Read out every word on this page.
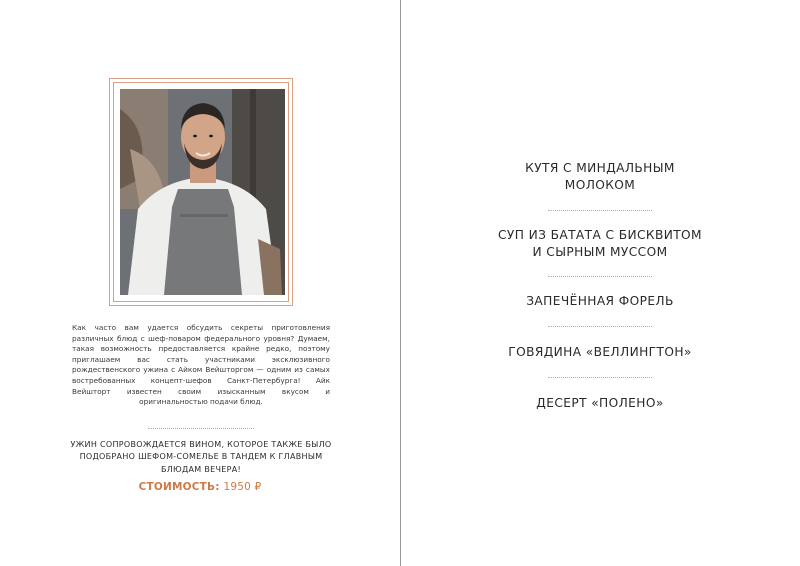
Как часто вам удается обсудить секреты приготовления различных блюд с шеф-поваром федерального уровня? Думаем, такая возможность предоставляется крайне редко, поэтому приглашаем вас стать участниками эксклюзивного рождественского ужина с Айком Вейшторгом — одним из самых востребованных концепт-шефов Санкт-Петербурга! Айк Вейшторт известен своим изысканным вкусом и оригинальностью подачи блюд.
УЖИН СОПРОВОЖДАЕТСЯ ВИНОМ, КОТОРОЕ ТАКЖЕ БЫЛО ПОДОБРАНО ШЕФОМ-СОМЕЛЬЕ В ТАНДЕМ К ГЛАВНЫМ БЛЮДАМ ВЕЧЕРА!
СТОИМОСТЬ: 1950 ₽
КУТЯ С МИНДАЛЬНЫМ
МОЛОКОМ
СУП ИЗ БАТАТА С БИСКВИТОМ
И СЫРНЫМ МУССОМ
ЗАПЕЧЁННАЯ ФОРЕЛЬ
ГОВЯДИНА «ВЕЛЛИНГТОН»
ДЕСЕРТ «ПОЛЕНО»
